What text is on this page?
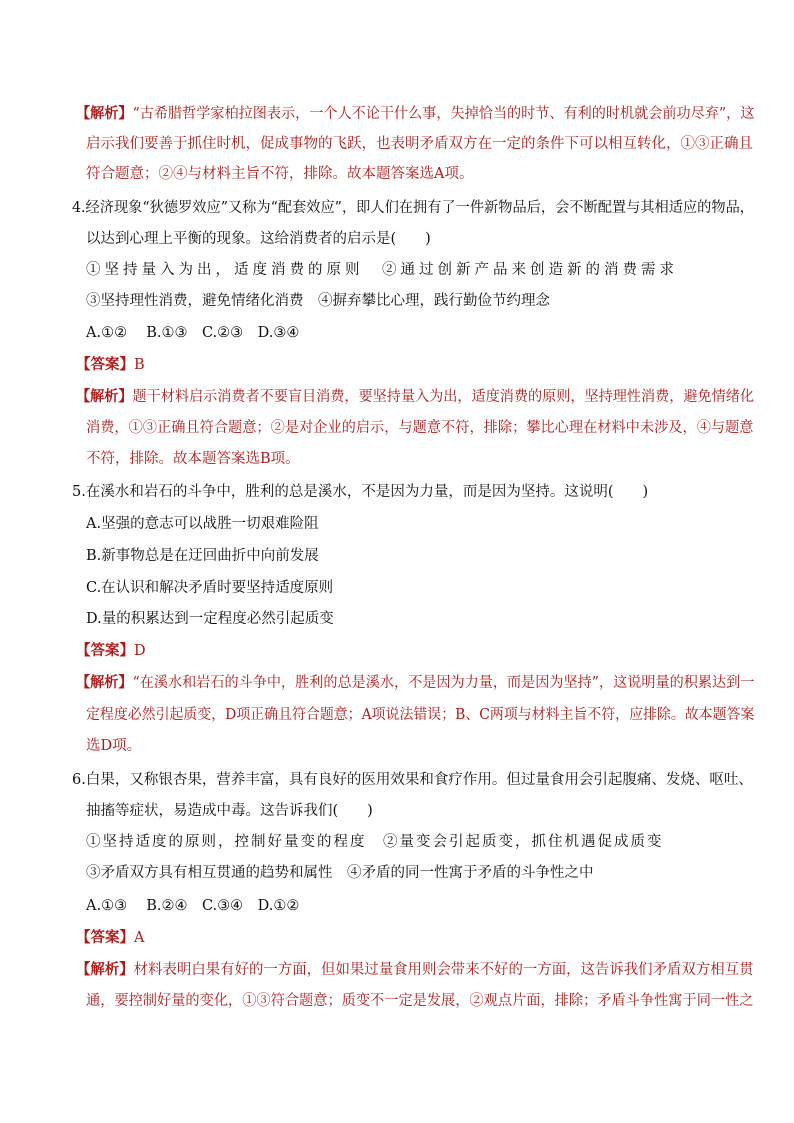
【解析】“古希腊哲学家柏拉图表示，一个人不论干什么事，失掉恰当的时节、有利的时机就会前功尽弃”，这
启示我们要善于抓住时机，促成事物的飞跃，也表明矛盾双方在一定的条件下可以相互转化，①③正确且
符合题意；②④与材料主旨不符，排除。故本题答案选A项。
4.经济现象“狄德罗效应”又称为“配套效应”，即人们在拥有了一件新物品后，会不断配置与其相适应的物品，
以达到心理上平衡的现象。这给消费者的启示是(　　)
①坚持量入为出，适度消费的原则　②通过创新产品来创造新的消费需求
③坚持理性消费，避免情绪化消费　④摒弃攀比心理，践行勤俭节约理念
A.①②　 B.①③　C.②③　D.③④
【答案】B
【解析】题干材料启示消费者不要盲目消费，要坚持量入为出，适度消费的原则，坚持理性消费，避免情绪化
消费，①③正确且符合题意；②是对企业的启示，与题意不符，排除；攀比心理在材料中未涉及，④与题意
不符，排除。故本题答案选B项。
5.在溪水和岩石的斗争中，胜利的总是溪水，不是因为力量，而是因为坚持。这说明(　　)
A.坚强的意志可以战胜一切艰难险阻
B.新事物总是在迂回曲折中向前发展
C.在认识和解决矛盾时要坚持适度原则
D.量的积累达到一定程度必然引起质变
【答案】D
【解析】“在溪水和岩石的斗争中，胜利的总是溪水，不是因为力量，而是因为坚持”，这说明量的积累达到一
定程度必然引起质变，D项正确且符合题意；A项说法错误；B、C两项与材料主旨不符，应排除。故本题答案
选D项。
6.白果，又称银杏果，营养丰富，具有良好的医用效果和食疗作用。但过量食用会引起腹痛、发烧、呕吐、
抽搐等症状，易造成中毒。这告诉我们(　　)
①坚持适度的原则，控制好量变的程度　②量变会引起质变，抓住机遇促成质变
③矛盾双方具有相互贯通的趋势和属性　④矛盾的同一性寓于矛盾的斗争性之中
A.①③　 B.②④　C.③④　D.①②
【答案】A
【解析】材料表明白果有好的一方面，但如果过量食用则会带来不好的一方面，这告诉我们矛盾双方相互贯
通，要控制好量的变化，①③符合题意；质变不一定是发展，②观点片面，排除；矛盾斗争性寓于同一性之
